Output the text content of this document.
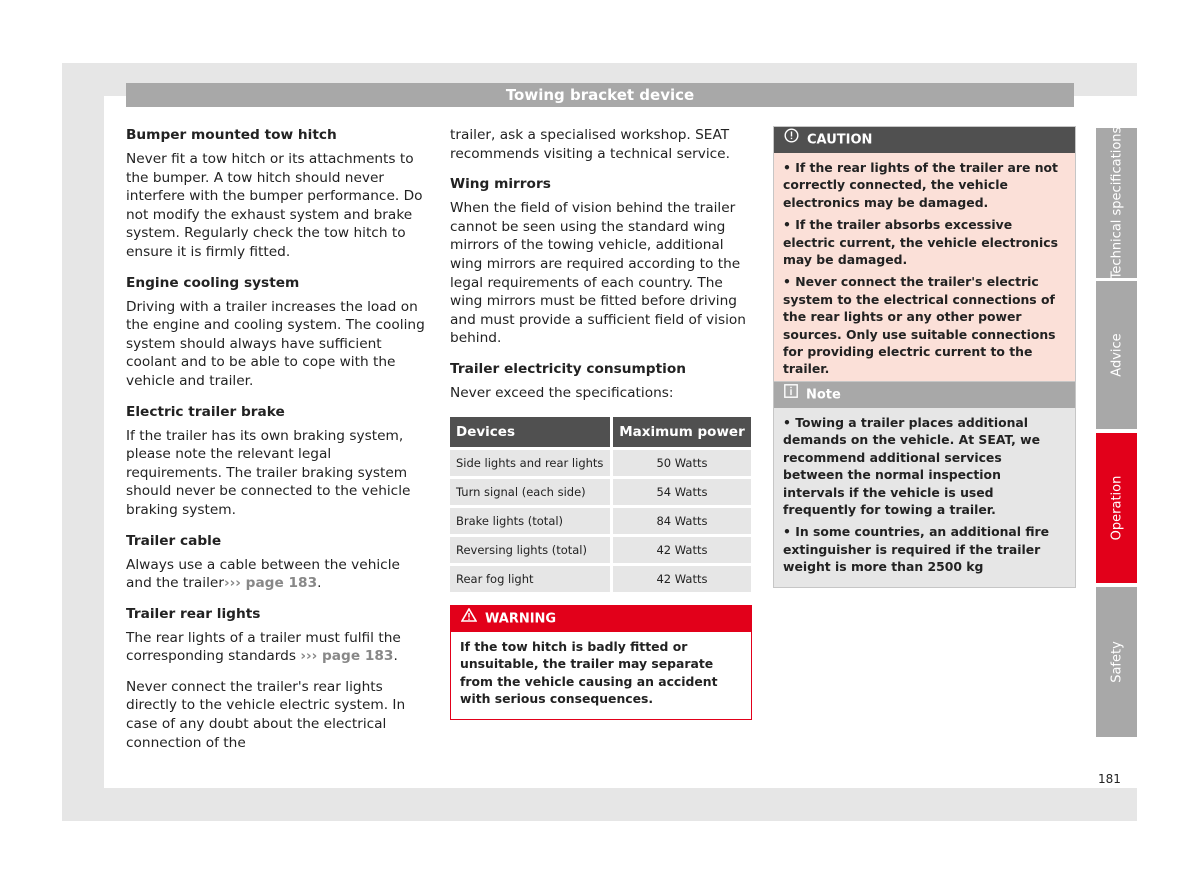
Towing bracket device
Bumper mounted tow hitch

Never fit a tow hitch or its attachments to the bumper. A tow hitch should never interfere with the bumper performance. Do not modify the exhaust system and brake system. Regularly check the tow hitch to ensure it is firmly fitted.

Engine cooling system

Driving with a trailer increases the load on the engine and cooling system. The cooling system should always have sufficient coolant and to be able to cope with the vehicle and trailer.

Electric trailer brake

If the trailer has its own braking system, please note the relevant legal requirements. The trailer braking system should never be connected to the vehicle braking system.

Trailer cable

Always use a cable between the vehicle and the trailer››› page 183.

Trailer rear lights

The rear lights of a trailer must fulfil the corresponding standards ››› page 183.

Never connect the trailer's rear lights directly to the vehicle electric system. In case of any doubt about the electrical connection of the

trailer, ask a specialised workshop. SEAT recommends visiting a technical service.

Wing mirrors

When the field of vision behind the trailer cannot be seen using the standard wing mirrors of the towing vehicle, additional wing mirrors are required according to the legal requirements of each country. The wing mirrors must be fitted before driving and must provide a sufficient field of vision behind.

Trailer electricity consumption

Never exceed the specifications:

Devices	Maximum power
Side lights and rear lights	50 Watts
Turn signal (each side)	54 Watts
Brake lights (total)	84 Watts
Reversing lights (total)	42 Watts
Rear fog light	42 Watts
WARNING

If the tow hitch is badly fitted or unsuitable, the trailer may separate from the vehicle causing an accident with serious consequences.

CAUTION

• If the rear lights of the trailer are not correctly connected, the vehicle electronics may be damaged.

• If the trailer absorbs excessive electric current, the vehicle electronics may be damaged.

• Never connect the trailer's electric system to the electrical connections of the rear lights or any other power sources. Only use suitable connections for providing electric current to the trailer.

Note

• Towing a trailer places additional demands on the vehicle. At SEAT, we recommend additional services between the normal inspection intervals if the vehicle is used frequently for towing a trailer.

• In some countries, an additional fire extinguisher is required if the trailer weight is more than 2500 kg

Technical specifications
Advice
Operation
Safety
181
